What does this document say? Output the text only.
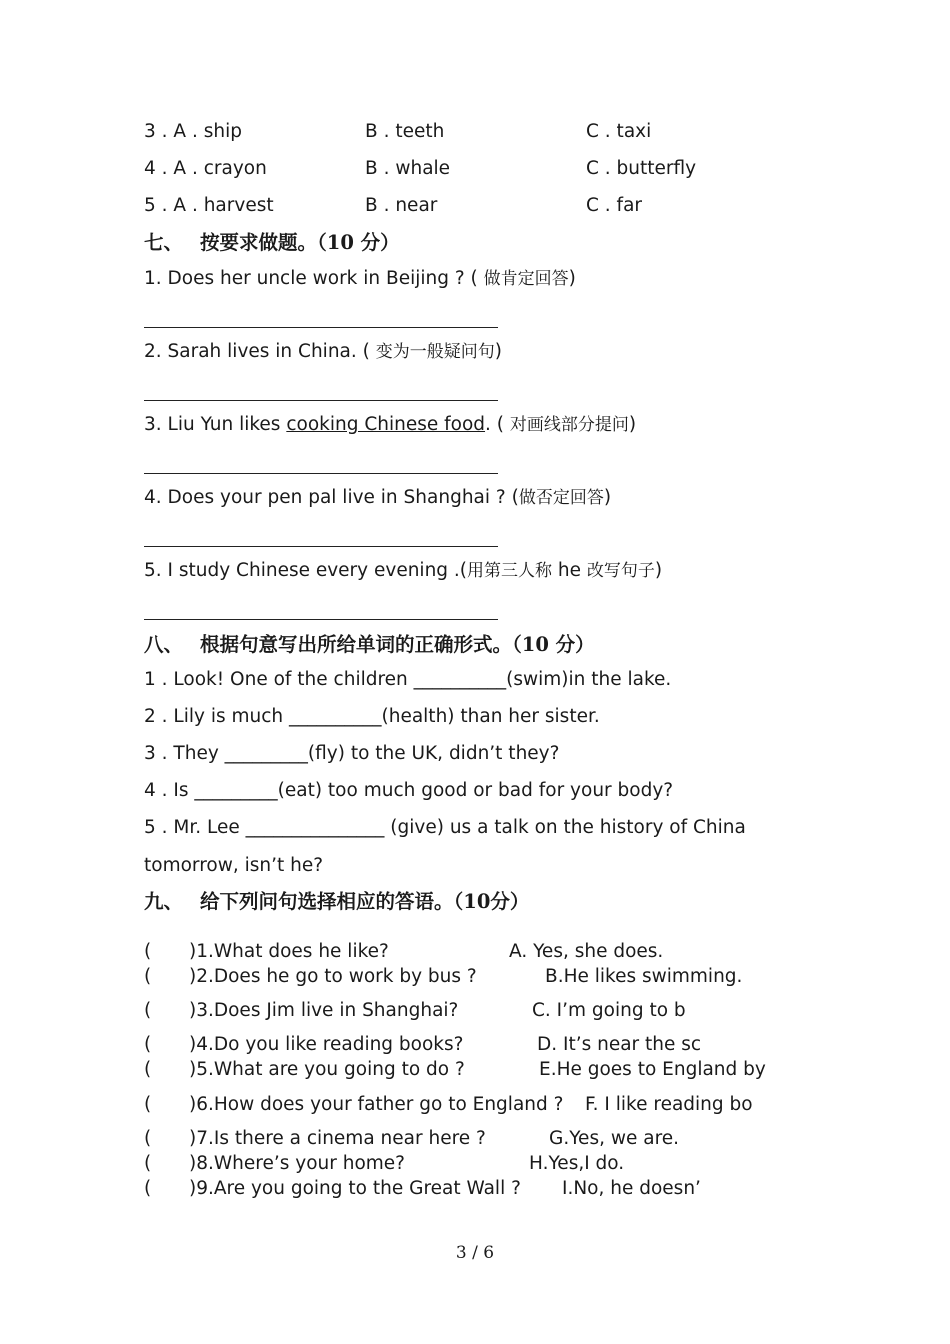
3 . A . ship	B . teeth	C . taxi
4 . A . crayon	B . whale	C . butterfly
5 . A . harvest	B . near	C . far
七、 按要求做题。（10 分）
1. Does her uncle work in Beijing ? ( 做肯定回答)
2. Sarah lives in China. ( 变为一般疑问句)
3. Liu Yun likes cooking Chinese food. ( 对画线部分提问)
4. Does your pen pal live in Shanghai ? (做否定回答)
5. I study Chinese every evening .(用第三人称 he 改写句子)
八、 根据句意写出所给单词的正确形式。（10 分）
1 . Look! One of the children __________(swim)in the lake.
2 . Lily is much __________(health) than her sister.
3 . They _________(fly) to the UK, didn’t they?
4 . Is _________(eat) too much good or bad for your body?
5 . Mr. Lee _______________ (give) us a talk on the history of China
tomorrow, isn’t he?
九、 给下列问句选择相应的答语。（10分）
( )1.What does he like?	A. Yes, she does.
( )2.Does he go to work by bus ?	B.He likes swimming.
( )3.Does Jim live in Shanghai?	C. I’m going to b
( )4.Do you like reading books?	D. It’s near the sc
( )5.What are you going to do ?	E.He goes to England by
( )6.How does your father go to England ? F. I like reading bo
( )7.Is there a cinema near here ?	G.Yes, we are.
( )8.Where’s your home?	H.Yes,I do.
( )9.Are you going to the Great Wall ? I.No, he doesn’
3 / 6
